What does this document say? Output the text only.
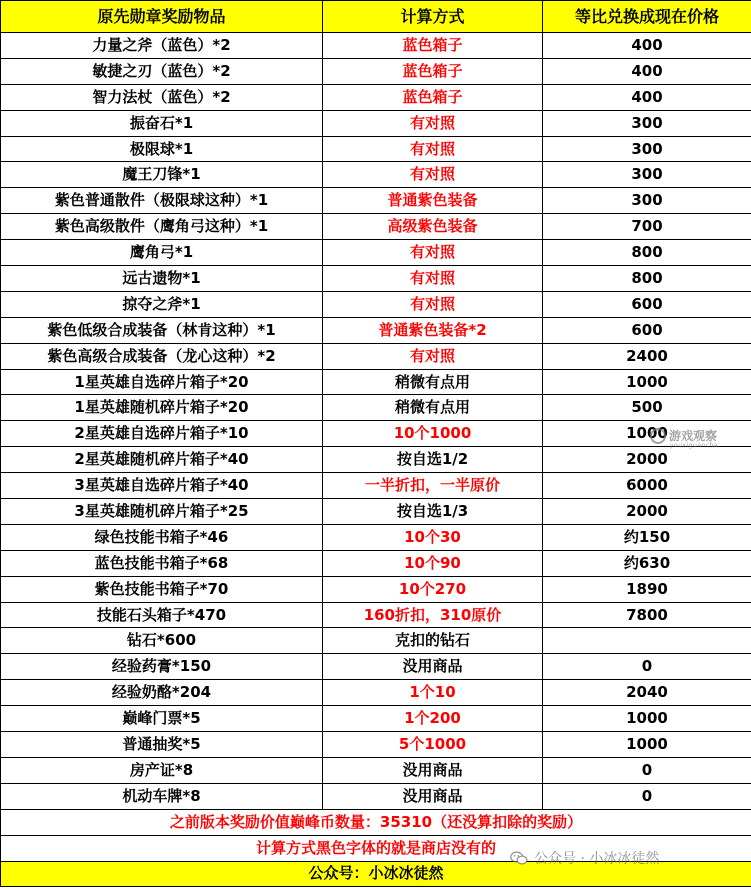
原先勋章奖励物品	计算方式	等比兑换成现在价格
力量之斧（蓝色）*2	蓝色箱子	400
敏捷之刃（蓝色）*2	蓝色箱子	400
智力法杖（蓝色）*2	蓝色箱子	400
振奋石*1	有对照	300
极限球*1	有对照	300
魔王刀锋*1	有对照	300
紫色普通散件（极限球这种）*1	普通紫色装备	300
紫色高级散件（鹰角弓这种）*1	高级紫色装备	700
鹰角弓*1	有对照	800
远古遗物*1	有对照	800
掠夺之斧*1	有对照	600
紫色低级合成装备（林肯这种）*1	普通紫色装备*2	600
紫色高级合成装备（龙心这种）*2	有对照	2400
1星英雄自选碎片箱子*20	稍微有点用	1000
1星英雄随机碎片箱子*20	稍微有点用	500
2星英雄自选碎片箱子*10	10个1000	1000
2星英雄随机碎片箱子*40	按自选1/2	2000
3星英雄自选碎片箱子*40	一半折扣，一半原价	6000
3星英雄随机碎片箱子*25	按自选1/3	2000
绿色技能书箱子*46	10个30	约150
蓝色技能书箱子*68	10个90	约630
紫色技能书箱子*70	10个270	1890
技能石头箱子*470	160折扣，310原价	7800
钻石*600	克扣的钻石	
经验药膏*150	没用商品	0
经验奶酪*204	1个10	2040
巅峰门票*5	1个200	1000
普通抽奖*5	5个1000	1000
房产证*8	没用商品	0
机动车牌*8	没用商品	0
之前版本奖励价值巅峰币数量：35310（还没算扣除的奖励）		
计算方式黑色字体的就是商店没有的		
公众号：小冰冰徒然		
游戏观察
youxiguancha
公众号 · 小冰冰徒然
